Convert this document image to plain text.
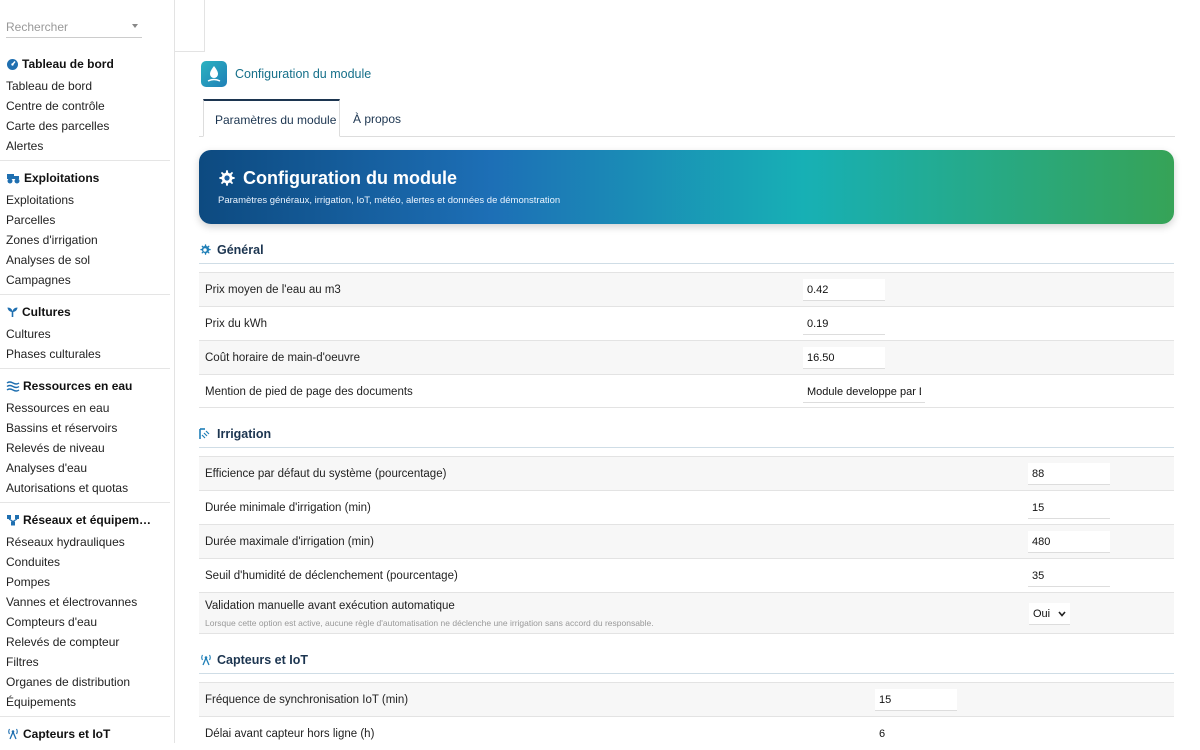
Rechercher
Tableau de bord
Tableau de bord
Centre de contrôle
Carte des parcelles
Alertes
Exploitations
Exploitations
Parcelles
Zones d'irrigation
Analyses de sol
Campagnes
Cultures
Cultures
Phases culturales
Ressources en eau
Ressources en eau
Bassins et réservoirs
Relevés de niveau
Analyses d'eau
Autorisations et quotas
Réseaux et équipem…
Réseaux hydrauliques
Conduites
Pompes
Vannes et électrovannes
Compteurs d'eau
Relevés de compteur
Filtres
Organes de distribution
Équipements
Capteurs et IoT
Configuration du module
Paramètres du module À propos
Configuration du module
Paramètres généraux, irrigation, IoT, météo, alertes et données de démonstration
Général
Prix moyen de l'eau au m3
0.42
Prix du kWh
0.19
Coût horaire de main-d'oeuvre
16.50
Mention de pied de page des documents
Module developpe par D
Irrigation
Efficience par défaut du système (pourcentage)
88
Durée minimale d'irrigation (min)
15
Durée maximale d'irrigation (min)
480
Seuil d'humidité de déclenchement (pourcentage)
35
Validation manuelle avant exécution automatique
Lorsque cette option est active, aucune règle d'automatisation ne déclenche une irrigation sans accord du responsable.
Oui
Capteurs et IoT
Fréquence de synchronisation IoT (min)
15
Délai avant capteur hors ligne (h)	6
